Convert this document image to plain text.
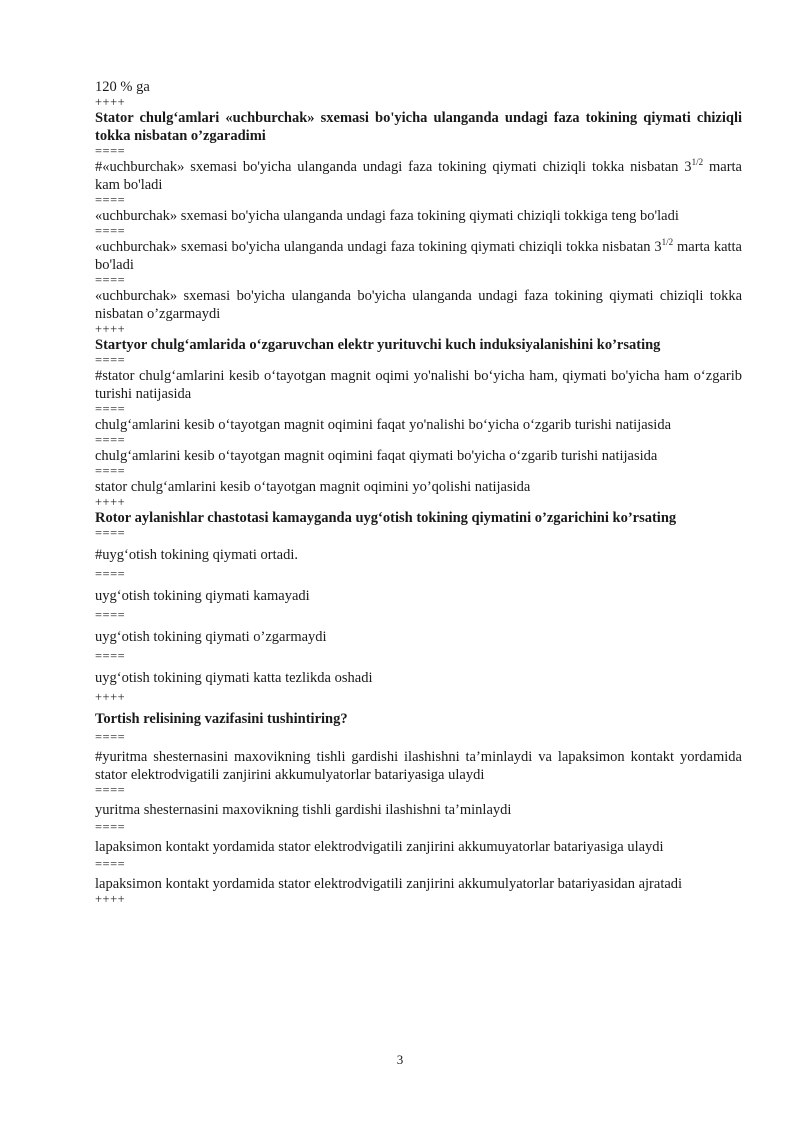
120 % ga

++++

Stator chulg‘amlari «uchburchak» sxemasi bo'yicha ulanganda undagi faza tokining qiymati chiziqli tokka nisbatan o’zgaradimi

====

#«uchburchak» sxemasi bo'yicha ulanganda undagi faza tokining qiymati chiziqli tokka nisbatan $3^{1/2}$ marta kam bo'ladi

====

«uchburchak» sxemasi bo'yicha ulanganda undagi faza tokining qiymati chiziqli tokkiga teng bo'ladi

====

«uchburchak» sxemasi bo'yicha ulanganda undagi faza tokining qiymati chiziqli tokka nisbatan $3^{1/2}$ marta katta bo'ladi

====

«uchburchak» sxemasi bo'yicha ulanganda bo'yicha ulanganda undagi faza tokining qiymati chiziqli tokka nisbatan o’zgarmaydi

++++

Startyor chulg‘amlarida o‘zgaruvchan elektr yurituvchi kuch induksiyalanishini ko’rsating

====

#stator chulg‘amlarini kesib o‘tayotgan magnit oqimi yo'nalishi bo‘yicha ham, qiymati bo'yicha ham o‘zgarib turishi natijasida

====

chulg‘amlarini kesib o‘tayotgan magnit oqimini faqat yo'nalishi bo‘yicha o‘zgarib turishi natijasida

====

chulg‘amlarini kesib o‘tayotgan magnit oqimini faqat qiymati bo'yicha o‘zgarib turishi natijasida

====

stator chulg‘amlarini kesib o‘tayotgan magnit oqimini yo’qolishi natijasida

++++

Rotor aylanishlar chastotasi kamayganda uyg‘otish tokining qiymatini o’zgarichini ko’rsating

====

#uyg‘otish tokining qiymati ortadi.

====

uyg‘otish tokining qiymati kamayadi

====

uyg‘otish tokining qiymati o’zgarmaydi

====

uyg‘otish tokining qiymati katta tezlikda oshadi

++++

Tortish relisining vazifasini tushintiring?

====

#yuritma shesternasini maxovikning tishli gardishi ilashishni ta’minlaydi va lapaksimon kontakt yordamida stator elektrodvigatili zanjirini akkumulyatorlar batariyasiga ulaydi

====

yuritma shesternasini maxovikning tishli gardishi ilashishni ta’minlaydi

====

lapaksimon kontakt yordamida stator elektrodvigatili zanjirini akkumuyatorlar batariyasiga ulaydi

====

lapaksimon kontakt yordamida stator elektrodvigatili zanjirini akkumulyatorlar batariyasidan ajratadi

++++

3
